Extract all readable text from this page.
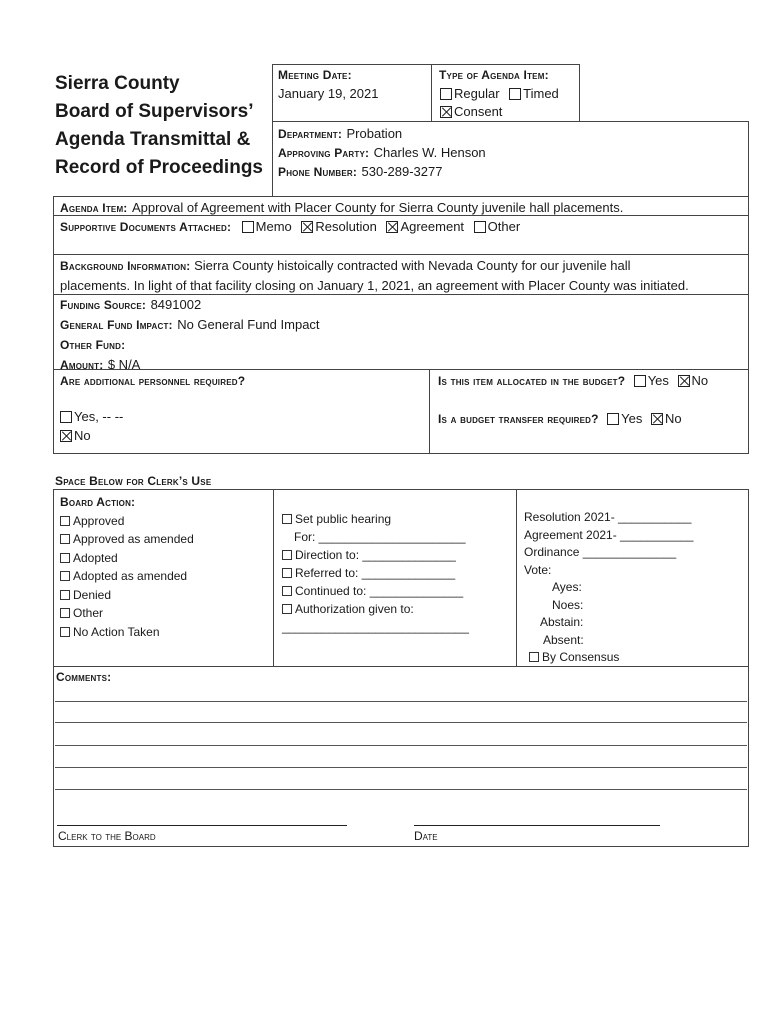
Sierra County
Board of Supervisors’
Agenda Transmittal &
Record of Proceedings
Meeting Date:
January 19, 2021
Type of Agenda Item:
Regular Timed
Consent
Department: Probation
Approving Party: Charles W. Henson
Phone Number: 530-289-3277
Agenda Item: Approval of Agreement with Placer County for Sierra County juvenile hall placements.
Supportive Documents Attached: Memo Resolution Agreement Other
Background Information: Sierra County histoically contracted with Nevada County for our juvenile hall
placements. In light of that facility closing on January 1, 2021, an agreement with Placer County was initiated.
Funding Source: 8491002
General Fund Impact: No General Fund Impact
Other Fund:
Amount: $ N/A
Are additional personnel required?
Yes, -- --
No
Is this item allocated in the budget? Yes No
Is a budget transfer required? Yes No
Space Below for Clerk’s Use
Board Action:
Approved
Approved as amended
Adopted
Adopted as amended
Denied
Other
No Action Taken
Set public hearing
For: ______________________
Direction to: ______________
Referred to: ______________
Continued to: ______________
Authorization given to:
____________________________
Resolution 2021- ___________
Agreement 2021- ___________
Ordinance ______________
Vote:
Ayes:
Noes:
Abstain:
Absent:
By Consensus
Comments:
Clerk to the Board	Date
